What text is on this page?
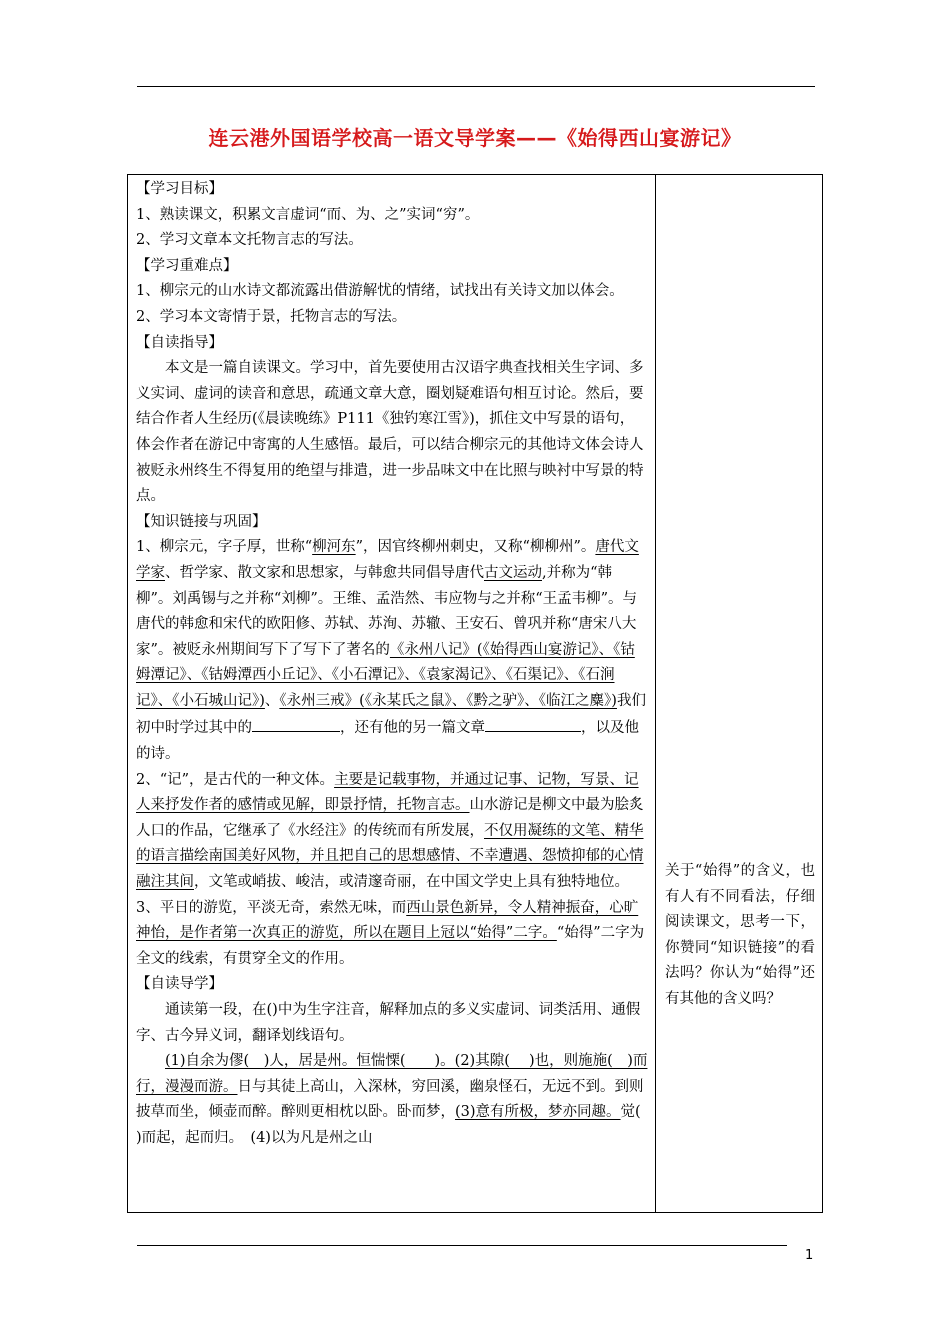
连云港外国语学校高一语文导学案——《始得西山宴游记》

【学习目标】

1、熟读课文，积累文言虚词“而、为、之”实词“穷”。

2、学习文章本文托物言志的写法。

【学习重难点】

1、柳宗元的山水诗文都流露出借游解忧的情绪，试找出有关诗文加以体会。

2、学习本文寄情于景，托物言志的写法。

【自读指导】

本文是一篇自读课文。学习中，首先要使用古汉语字典查找相关生字词、多义实词、虚词的读音和意思，疏通文章大意，圈划疑难语句相互讨论。然后，要结合作者人生经历(《晨读晚练》P111《独钓寒江雪》)，抓住文中写景的语句，体会作者在游记中寄寓的人生感悟。最后，可以结合柳宗元的其他诗文体会诗人被贬永州终生不得复用的绝望与排遣，进一步品味文中在比照与映衬中写景的特点。

【知识链接与巩固】

1、柳宗元，字子厚，世称“柳河东”，因官终柳州刺史，又称“柳柳州”。唐代文学家、哲学家、散文家和思想家，与韩愈共同倡导唐代古文运动,并称为“韩柳”。刘禹锡与之并称“刘柳”。王维、孟浩然、韦应物与之并称“王孟韦柳”。与唐代的韩愈和宋代的欧阳修、苏轼、苏洵、苏辙、王安石、曾巩并称“唐宋八大家”。被贬永州期间写下了写下了著名的《永州八记》(《始得西山宴游记》、《钴姆潭记》、《钴姆潭西小丘记》、《小石潭记》、《袁家渴记》、《石渠记》、《石涧记》、《小石城山记》)、《永州三戒》(《永某氏之鼠》、《黔之驴》、《临江之麋》)我们初中时学过其中的	，还有他的另一篇文章	，以及他的诗。

2、“记”，是古代的一种文体。主要是记载事物，并通过记事、记物，写景、记人来抒发作者的感情或见解，即景抒情，托物言志。山水游记是柳文中最为脍炙人口的作品，它继承了《水经注》的传统而有所发展，不仅用凝练的文笔、精华的语言描绘南国美好风物，并且把自己的思想感情、不幸遭遇、怨愤抑郁的心情融注其间，文笔或峭拔、峻洁，或清邃奇丽，在中国文学史上具有独特地位。

3、平日的游览，平淡无奇，索然无味，而西山景色新异，令人精神振奋，心旷神怡，是作者第一次真正的游览，所以在题目上冠以“始得”二字。“始得”二字为全文的线索，有贯穿全文的作用。

【自读导学】

通读第一段，在()中为生字注音，解释加点的多义实虚词、词类活用、通假字、古今异义词，翻译划线语句。

(1)自余为僇(　)人，居是州。恒惴慄(　　)。(2)其隙(　 )也，则施施(　)而行，漫漫而游。日与其徒上高山，入深林，穷回溪，幽泉怪石，无远不到。到则披草而坐，倾壶而醉。醉则更相枕以卧。卧而梦，(3)意有所极，梦亦同趣。觉(　 )而起，起而归。　(4)以为凡是州之山

关于“始得”的含义，也有人有不同看法，仔细阅读课文，思考一下，你赞同“知识链接”的看法吗？你认为“始得”还有其他的含义吗？
1
